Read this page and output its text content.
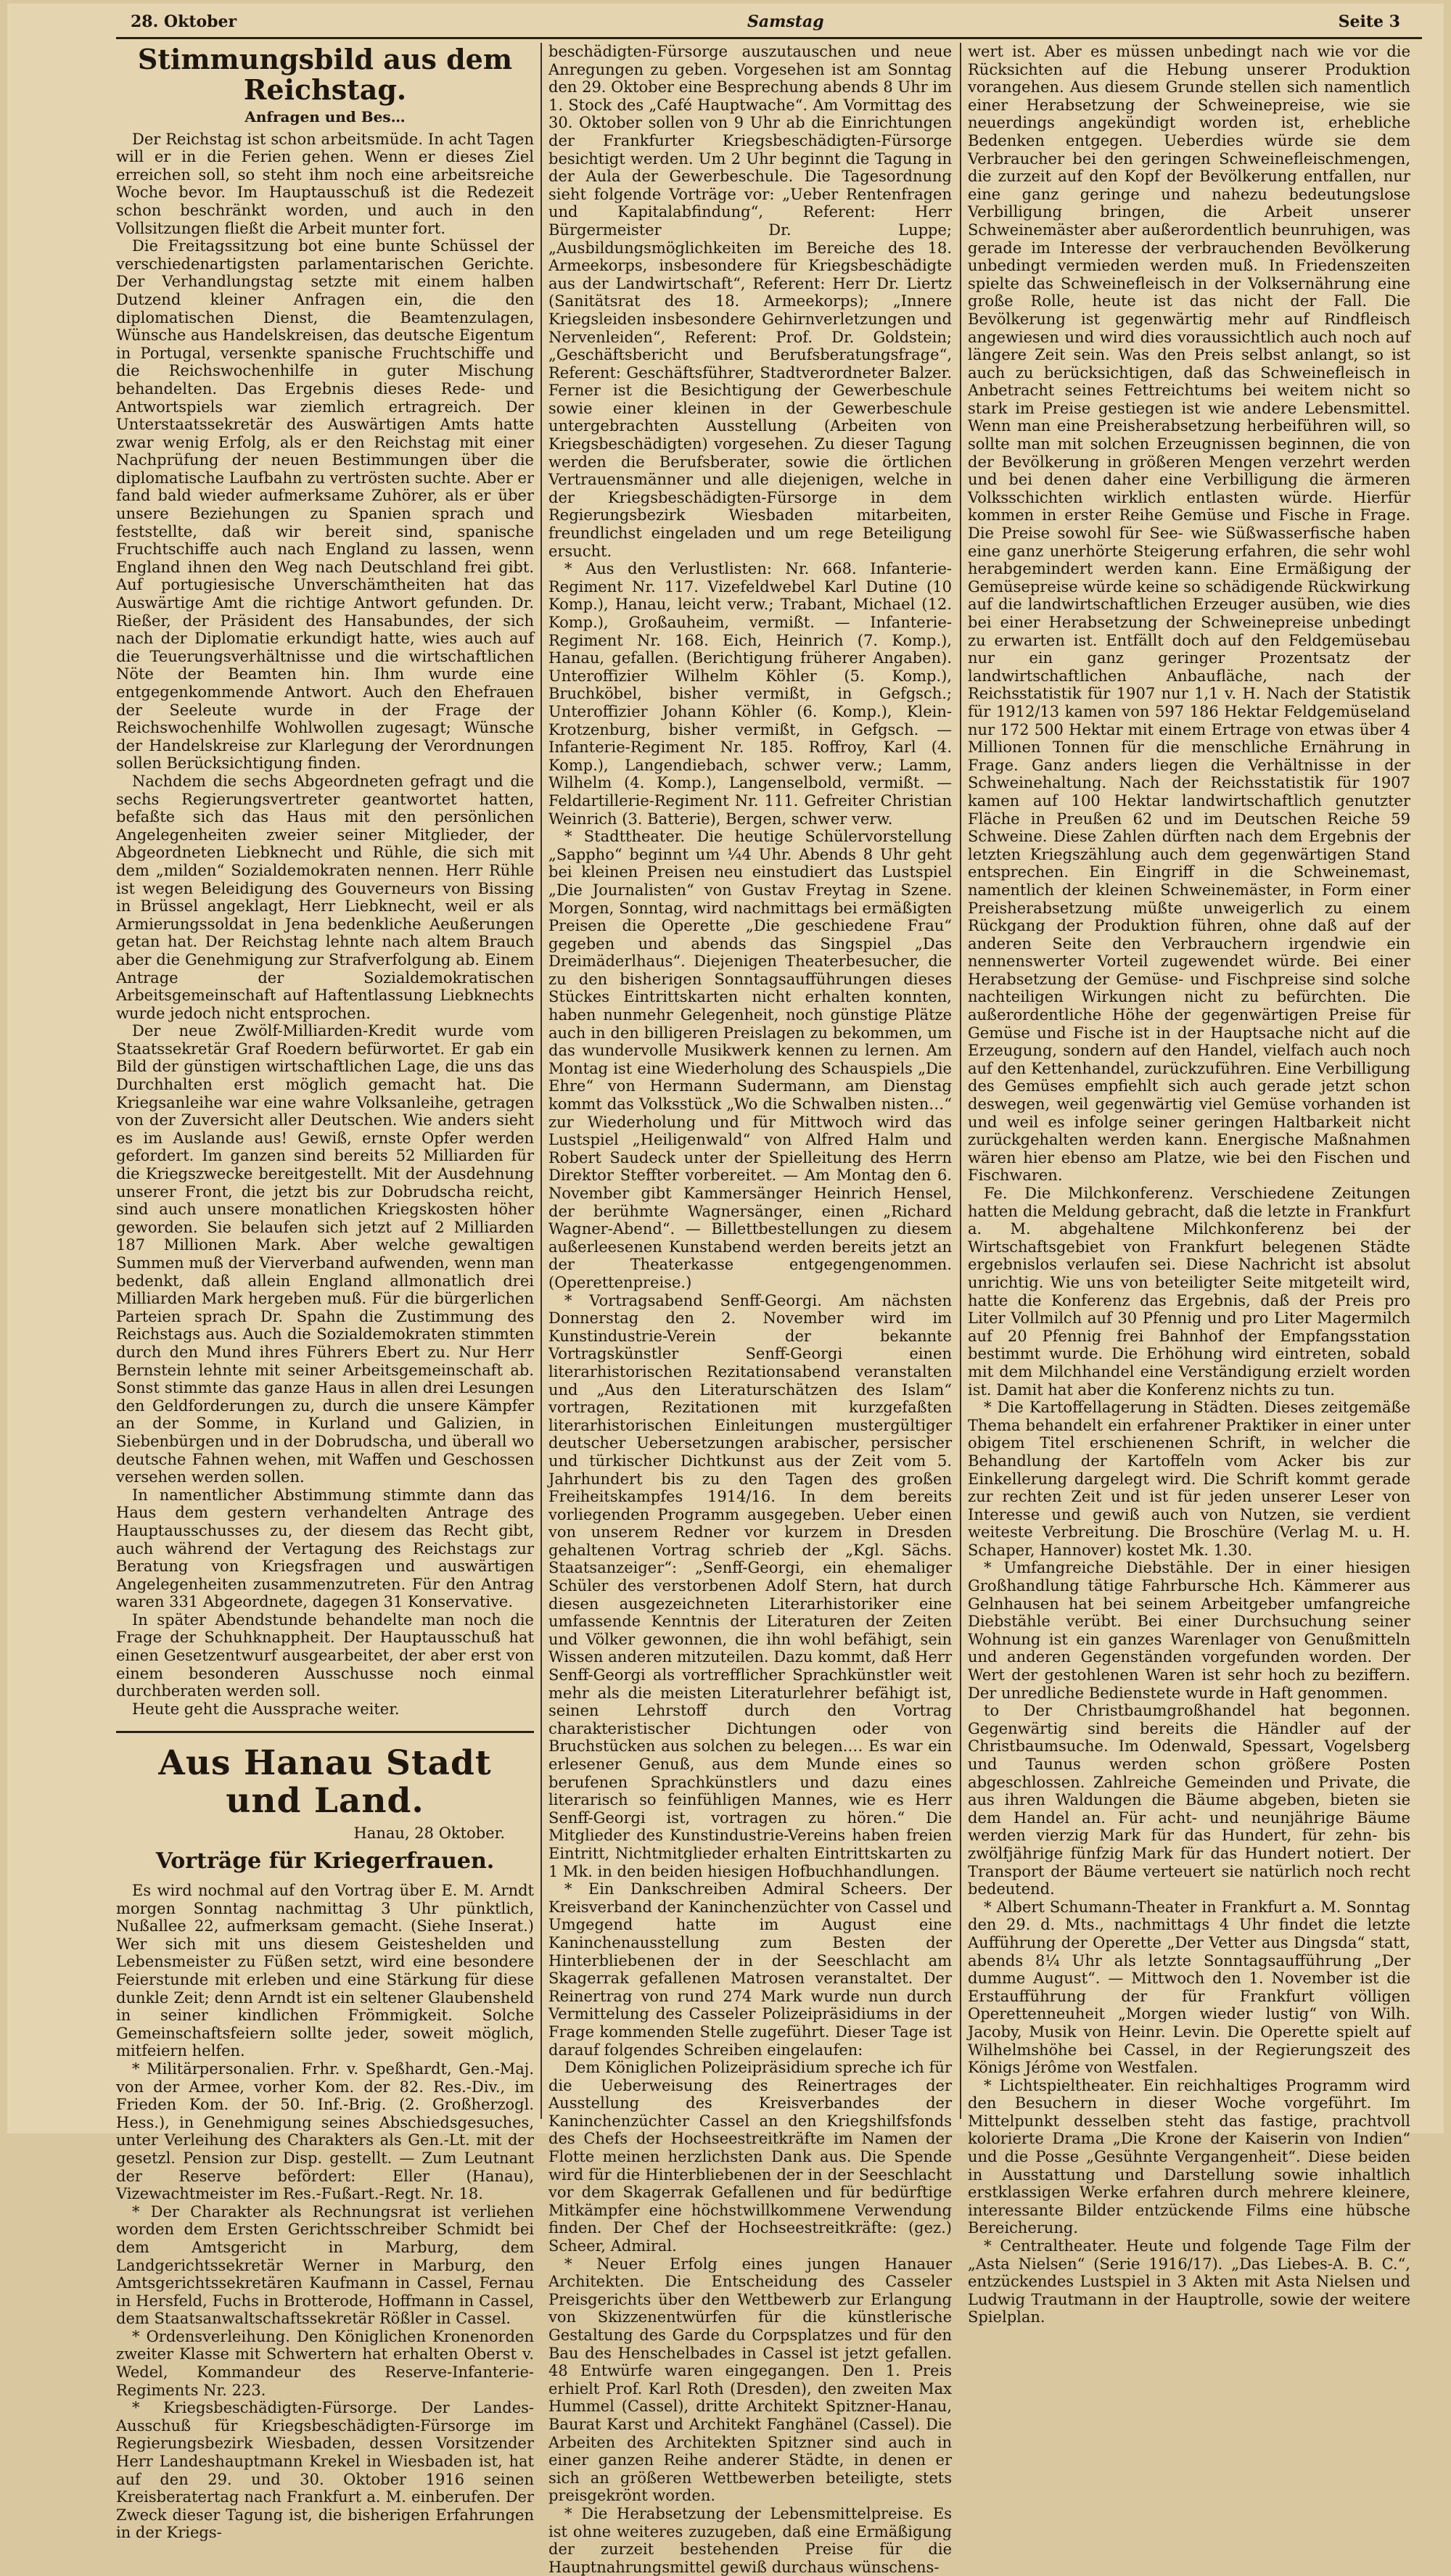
28. Oktober	Samstag	Seite 3
Stimmungsbild aus dem Reichstag.
Anfragen und Bes…

Der Reichstag ist schon arbeitsmüde. In acht Tagen will er in die Ferien gehen. Wenn er dieses Ziel erreichen soll, so steht ihm noch eine arbeitsreiche Woche bevor. Im Hauptausschuß ist die Redezeit schon beschränkt worden, und auch in den Vollsitzungen fließt die Arbeit munter fort.

Die Freitagssitzung bot eine bunte Schüssel der verschiedenartigsten parlamentarischen Gerichte. Der Verhandlungstag setzte mit einem halben Dutzend kleiner Anfragen ein, die den diplomatischen Dienst, die Beamtenzulagen, Wünsche aus Handelskreisen, das deutsche Eigentum in Portugal, versenkte spanische Fruchtschiffe und die Reichswochenhilfe in guter Mischung behandelten. Das Ergebnis dieses Rede- und Antwortspiels war ziemlich ertragreich. Der Unterstaatssekretär des Auswärtigen Amts hatte zwar wenig Erfolg, als er den Reichstag mit einer Nachprüfung der neuen Bestimmungen über die diplomatische Laufbahn zu vertrösten suchte. Aber er fand bald wieder aufmerksame Zuhörer, als er über unsere Beziehungen zu Spanien sprach und feststellte, daß wir bereit sind, spanische Fruchtschiffe auch nach England zu lassen, wenn England ihnen den Weg nach Deutschland frei gibt. Auf portugiesische Unverschämtheiten hat das Auswärtige Amt die richtige Antwort gefunden. Dr. Rießer, der Präsident des Hansabundes, der sich nach der Diplomatie erkundigt hatte, wies auch auf die Teuerungsverhältnisse und die wirtschaftlichen Nöte der Beamten hin. Ihm wurde eine entgegenkommende Antwort. Auch den Ehefrauen der Seeleute wurde in der Frage der Reichswochenhilfe Wohlwollen zugesagt; Wünsche der Handelskreise zur Klarlegung der Verordnungen sollen Berücksichtigung finden.

Nachdem die sechs Abgeordneten gefragt und die sechs Regierungsvertreter geantwortet hatten, befaßte sich das Haus mit den persönlichen Angelegenheiten zweier seiner Mitglieder, der Abgeordneten Liebknecht und Rühle, die sich mit dem „milden“ Sozialdemokraten nennen. Herr Rühle ist wegen Beleidigung des Gouverneurs von Bissing in Brüssel angeklagt, Herr Liebknecht, weil er als Armierungssoldat in Jena bedenkliche Aeußerungen getan hat. Der Reichstag lehnte nach altem Brauch aber die Genehmigung zur Strafverfolgung ab. Einem Antrage der Sozialdemokratischen Arbeitsgemeinschaft auf Haftentlassung Liebknechts wurde jedoch nicht entsprochen.

Der neue Zwölf-Milliarden-Kredit wurde vom Staatssekretär Graf Roedern befürwortet. Er gab ein Bild der günstigen wirtschaftlichen Lage, die uns das Durchhalten erst möglich gemacht hat. Die Kriegsanleihe war eine wahre Volksanleihe, getragen von der Zuversicht aller Deutschen. Wie anders sieht es im Auslande aus! Gewiß, ernste Opfer werden gefordert. Im ganzen sind bereits 52 Milliarden für die Kriegszwecke bereitgestellt. Mit der Ausdehnung unserer Front, die jetzt bis zur Dobrudscha reicht, sind auch unsere monatlichen Kriegskosten höher geworden. Sie belaufen sich jetzt auf 2 Milliarden 187 Millionen Mark. Aber welche gewaltigen Summen muß der Vierverband aufwenden, wenn man bedenkt, daß allein England allmonatlich drei Milliarden Mark hergeben muß. Für die bürgerlichen Parteien sprach Dr. Spahn die Zustimmung des Reichstags aus. Auch die Sozialdemokraten stimmten durch den Mund ihres Führers Ebert zu. Nur Herr Bernstein lehnte mit seiner Arbeitsgemeinschaft ab. Sonst stimmte das ganze Haus in allen drei Lesungen den Geldforderungen zu, durch die unsere Kämpfer an der Somme, in Kurland und Galizien, in Siebenbürgen und in der Dobrudscha, und überall wo deutsche Fahnen wehen, mit Waffen und Geschossen versehen werden sollen.

In namentlicher Abstimmung stimmte dann das Haus dem gestern verhandelten Antrage des Hauptausschusses zu, der diesem das Recht gibt, auch während der Vertagung des Reichstags zur Beratung von Kriegsfragen und auswärtigen Angelegenheiten zusammenzutreten. Für den Antrag waren 331 Abgeordnete, dagegen 31 Konservative.

In später Abendstunde behandelte man noch die Frage der Schuhknappheit. Der Hauptausschuß hat einen Gesetzentwurf ausgearbeitet, der aber erst von einem besonderen Ausschusse noch einmal durchberaten werden soll.

Heute geht die Aussprache weiter.

Aus Hanau Stadt und Land.
Hanau, 28 Oktober.
Vorträge für Kriegerfrauen.

Es wird nochmal auf den Vortrag über E. M. Arndt morgen Sonntag nachmittag 3 Uhr pünktlich, Nußallee 22, aufmerksam gemacht. (Siehe Inserat.) Wer sich mit uns diesem Geisteshelden und Lebensmeister zu Füßen setzt, wird eine besondere Feierstunde mit erleben und eine Stärkung für diese dunkle Zeit; denn Arndt ist ein seltener Glaubensheld in seiner kindlichen Frömmigkeit. Solche Gemeinschaftsfeiern sollte jeder, soweit möglich, mitfeiern helfen.

* Militärpersonalien. Frhr. v. Speßhardt, Gen.-Maj. von der Armee, vorher Kom. der 82. Res.-Div., im Frieden Kom. der 50. Inf.-Brig. (2. Großherzogl. Hess.), in Genehmigung seines Abschiedsgesuches, unter Verleihung des Charakters als Gen.-Lt. mit der gesetzl. Pension zur Disp. gestellt. — Zum Leutnant der Reserve befördert: Eller (Hanau), Vizewachtmeister im Res.-Fußart.-Regt. Nr. 18.

* Der Charakter als Rechnungsrat ist verliehen worden dem Ersten Gerichtsschreiber Schmidt bei dem Amtsgericht in Marburg, dem Landgerichtssekretär Werner in Marburg, den Amtsgerichtssekretären Kaufmann in Cassel, Fernau in Hersfeld, Fuchs in Brotterode, Hoffmann in Cassel, dem Staatsanwaltschaftssekretär Rößler in Cassel.

* Ordensverleihung. Den Königlichen Kronenorden zweiter Klasse mit Schwertern hat erhalten Oberst v. Wedel, Kommandeur des Reserve-Infanterie-Regiments Nr. 223.

* Kriegsbeschädigten-Fürsorge. Der Landes-Ausschuß für Kriegsbeschädigten-Fürsorge im Regierungsbezirk Wiesbaden, dessen Vorsitzender Herr Landeshauptmann Krekel in Wiesbaden ist, hat auf den 29. und 30. Oktober 1916 seinen Kreisberatertag nach Frankfurt a. M. einberufen. Der Zweck dieser Tagung ist, die bisherigen Erfahrungen in der Kriegs-

beschädigten-Fürsorge auszutauschen und neue Anregungen zu geben. Vorgesehen ist am Sonntag den 29. Oktober eine Besprechung abends 8 Uhr im 1. Stock des „Café Hauptwache“. Am Vormittag des 30. Oktober sollen von 9 Uhr ab die Einrichtungen der Frankfurter Kriegsbeschädigten-Fürsorge besichtigt werden. Um 2 Uhr beginnt die Tagung in der Aula der Gewerbeschule. Die Tagesordnung sieht folgende Vorträge vor: „Ueber Rentenfragen und Kapitalabfindung“, Referent: Herr Bürgermeister Dr. Luppe; „Ausbildungsmöglichkeiten im Bereiche des 18. Armeekorps, insbesondere für Kriegsbeschädigte aus der Landwirtschaft“, Referent: Herr Dr. Liertz (Sanitätsrat des 18. Armeekorps); „Innere Kriegsleiden insbesondere Gehirnverletzungen und Nervenleiden“, Referent: Prof. Dr. Goldstein; „Geschäftsbericht und Berufsberatungsfrage“, Referent: Geschäftsführer, Stadtverordneter Balzer. Ferner ist die Besichtigung der Gewerbeschule sowie einer kleinen in der Gewerbeschule untergebrachten Ausstellung (Arbeiten von Kriegsbeschädigten) vorgesehen. Zu dieser Tagung werden die Berufsberater, sowie die örtlichen Vertrauensmänner und alle diejenigen, welche in der Kriegsbeschädigten-Fürsorge in dem Regierungsbezirk Wiesbaden mitarbeiten, freundlichst eingeladen und um rege Beteiligung ersucht.

* Aus den Verlustlisten: Nr. 668. Infanterie-Regiment Nr. 117. Vizefeldwebel Karl Dutine (10 Komp.), Hanau, leicht verw.; Trabant, Michael (12. Komp.), Großauheim, vermißt. — Infanterie-Regiment Nr. 168. Eich, Heinrich (7. Komp.), Hanau, gefallen. (Berichtigung früherer Angaben). Unteroffizier Wilhelm Köhler (5. Komp.), Bruchköbel, bisher vermißt, in Gefgsch.; Unteroffizier Johann Köhler (6. Komp.), Klein-Krotzenburg, bisher vermißt, in Gefgsch. — Infanterie-Regiment Nr. 185. Roffroy, Karl (4. Komp.), Langendiebach, schwer verw.; Lamm, Wilhelm (4. Komp.), Langenselbold, vermißt. — Feldartillerie-Regiment Nr. 111. Gefreiter Christian Weinrich (3. Batterie), Bergen, schwer verw.

* Stadttheater. Die heutige Schülervorstellung „Sappho“ beginnt um ¼4 Uhr. Abends 8 Uhr geht bei kleinen Preisen neu einstudiert das Lustspiel „Die Journalisten“ von Gustav Freytag in Szene. Morgen, Sonntag, wird nachmittags bei ermäßigten Preisen die Operette „Die geschiedene Frau“ gegeben und abends das Singspiel „Das Dreimäderlhaus“. Diejenigen Theaterbesucher, die zu den bisherigen Sonntagsaufführungen dieses Stückes Eintrittskarten nicht erhalten konnten, haben nunmehr Gelegenheit, noch günstige Plätze auch in den billigeren Preislagen zu bekommen, um das wundervolle Musikwerk kennen zu lernen. Am Montag ist eine Wiederholung des Schauspiels „Die Ehre“ von Hermann Sudermann, am Dienstag kommt das Volksstück „Wo die Schwalben nisten…“ zur Wiederholung und für Mittwoch wird das Lustspiel „Heiligenwald“ von Alfred Halm und Robert Saudeck unter der Spielleitung des Herrn Direktor Steffter vorbereitet. — Am Montag den 6. November gibt Kammersänger Heinrich Hensel, der berühmte Wagnersänger, einen „Richard Wagner-Abend“. — Billettbestellungen zu diesem außerleesenen Kunstabend werden bereits jetzt an der Theaterkasse entgegengenommen. (Operettenpreise.)

* Vortragsabend Senff-Georgi. Am nächsten Donnerstag den 2. November wird im Kunstindustrie-Verein der bekannte Vortragskünstler Senff-Georgi einen literarhistorischen Rezitationsabend veranstalten und „Aus den Literaturschätzen des Islam“ vortragen, Rezitationen mit kurzgefaßten literarhistorischen Einleitungen mustergültiger deutscher Uebersetzungen arabischer, persischer und türkischer Dichtkunst aus der Zeit vom 5. Jahrhundert bis zu den Tagen des großen Freiheitskampfes 1914/16. In dem bereits vorliegenden Programm ausgegeben. Ueber einen von unserem Redner vor kurzem in Dresden gehaltenen Vortrag schrieb der „Kgl. Sächs. Staatsanzeiger“: „Senff-Georgi, ein ehemaliger Schüler des verstorbenen Adolf Stern, hat durch diesen ausgezeichneten Literarhistoriker eine umfassende Kenntnis der Literaturen der Zeiten und Völker gewonnen, die ihn wohl befähigt, sein Wissen anderen mitzuteilen. Dazu kommt, daß Herr Senff-Georgi als vortrefflicher Sprachkünstler weit mehr als die meisten Literaturlehrer befähigt ist, seinen Lehrstoff durch den Vortrag charakteristischer Dichtungen oder von Bruchstücken aus solchen zu belegen.… Es war ein erlesener Genuß, aus dem Munde eines so berufenen Sprachkünstlers und dazu eines literarisch so feinfühligen Mannes, wie es Herr Senff-Georgi ist, vortragen zu hören.“ Die Mitglieder des Kunstindustrie-Vereins haben freien Eintritt, Nichtmitglieder erhalten Eintrittskarten zu 1 Mk. in den beiden hiesigen Hofbuchhandlungen.

* Ein Dankschreiben Admiral Scheers. Der Kreisverband der Kaninchenzüchter von Cassel und Umgegend hatte im August eine Kaninchenausstellung zum Besten der Hinterbliebenen der in der Seeschlacht am Skagerrak gefallenen Matrosen veranstaltet. Der Reinertrag von rund 274 Mark wurde nun durch Vermittelung des Casseler Polizeipräsidiums in der Frage kommenden Stelle zugeführt. Dieser Tage ist darauf folgendes Schreiben eingelaufen:

Dem Königlichen Polizeipräsidium spreche ich für die Ueberweisung des Reinertrages der Ausstellung des Kreisverbandes der Kaninchenzüchter Cassel an den Kriegshilfsfonds des Chefs der Hochseestreitkräfte im Namen der Flotte meinen herzlichsten Dank aus. Die Spende wird für die Hinterbliebenen der in der Seeschlacht vor dem Skagerrak Gefallenen und für bedürftige Mitkämpfer eine höchstwillkommene Verwendung finden. Der Chef der Hochseestreitkräfte: (gez.) Scheer, Admiral.

* Neuer Erfolg eines jungen Hanauer Architekten. Die Entscheidung des Casseler Preisgerichts über den Wettbewerb zur Erlangung von Skizzenentwürfen für die künstlerische Gestaltung des Garde du Corpsplatzes und für den Bau des Henschelbades in Cassel ist jetzt gefallen. 48 Entwürfe waren eingegangen. Den 1. Preis erhielt Prof. Karl Roth (Dresden), den zweiten Max Hummel (Cassel), dritte Architekt Spitzner-Hanau, Baurat Karst und Architekt Fanghänel (Cassel). Die Arbeiten des Architekten Spitzner sind auch in einer ganzen Reihe anderer Städte, in denen er sich an größeren Wettbewerben beteiligte, stets preisgekrönt worden.

* Die Herabsetzung der Lebensmittelpreise. Es ist ohne weiteres zuzugeben, daß eine Ermäßigung der zurzeit bestehenden Preise für die Hauptnahrungsmittel gewiß durchaus wünschens-

wert ist. Aber es müssen unbedingt nach wie vor die Rücksichten auf die Hebung unserer Produktion vorangehen. Aus diesem Grunde stellen sich namentlich einer Herabsetzung der Schweinepreise, wie sie neuerdings angekündigt worden ist, erhebliche Bedenken entgegen. Ueberdies würde sie dem Verbraucher bei den geringen Schweinefleischmengen, die zurzeit auf den Kopf der Bevölkerung entfallen, nur eine ganz geringe und nahezu bedeutungslose Verbilligung bringen, die Arbeit unserer Schweinemäster aber außerordentlich beunruhigen, was gerade im Interesse der verbrauchenden Bevölkerung unbedingt vermieden werden muß. In Friedenszeiten spielte das Schweinefleisch in der Volksernährung eine große Rolle, heute ist das nicht der Fall. Die Bevölkerung ist gegenwärtig mehr auf Rindfleisch angewiesen und wird dies voraussichtlich auch noch auf längere Zeit sein. Was den Preis selbst anlangt, so ist auch zu berücksichtigen, daß das Schweinefleisch in Anbetracht seines Fettreichtums bei weitem nicht so stark im Preise gestiegen ist wie andere Lebensmittel. Wenn man eine Preisherabsetzung herbeiführen will, so sollte man mit solchen Erzeugnissen beginnen, die von der Bevölkerung in größeren Mengen verzehrt werden und bei denen daher eine Verbilligung die ärmeren Volksschichten wirklich entlasten würde. Hierfür kommen in erster Reihe Gemüse und Fische in Frage. Die Preise sowohl für See- wie Süßwasserfische haben eine ganz unerhörte Steigerung erfahren, die sehr wohl herabgemindert werden kann. Eine Ermäßigung der Gemüsepreise würde keine so schädigende Rückwirkung auf die landwirtschaftlichen Erzeuger ausüben, wie dies bei einer Herabsetzung der Schweinepreise unbedingt zu erwarten ist. Entfällt doch auf den Feldgemüsebau nur ein ganz geringer Prozentsatz der landwirtschaftlichen Anbaufläche, nach der Reichsstatistik für 1907 nur 1,1 v. H. Nach der Statistik für 1912/13 kamen von 597 186 Hektar Feldgemüseland nur 172 500 Hektar mit einem Ertrage von etwas über 4 Millionen Tonnen für die menschliche Ernährung in Frage. Ganz anders liegen die Verhältnisse in der Schweinehaltung. Nach der Reichsstatistik für 1907 kamen auf 100 Hektar landwirtschaftlich genutzter Fläche in Preußen 62 und im Deutschen Reiche 59 Schweine. Diese Zahlen dürften nach dem Ergebnis der letzten Kriegszählung auch dem gegenwärtigen Stand entsprechen. Ein Eingriff in die Schweinemast, namentlich der kleinen Schweinemäster, in Form einer Preisherabsetzung müßte unweigerlich zu einem Rückgang der Produktion führen, ohne daß auf der anderen Seite den Verbrauchern irgendwie ein nennenswerter Vorteil zugewendet würde. Bei einer Herabsetzung der Gemüse- und Fischpreise sind solche nachteiligen Wirkungen nicht zu befürchten. Die außerordentliche Höhe der gegenwärtigen Preise für Gemüse und Fische ist in der Hauptsache nicht auf die Erzeugung, sondern auf den Handel, vielfach auch noch auf den Kettenhandel, zurückzuführen. Eine Verbilligung des Gemüses empfiehlt sich auch gerade jetzt schon deswegen, weil gegenwärtig viel Gemüse vorhanden ist und weil es infolge seiner geringen Haltbarkeit nicht zurückgehalten werden kann. Energische Maßnahmen wären hier ebenso am Platze, wie bei den Fischen und Fischwaren.

Fe. Die Milchkonferenz. Verschiedene Zeitungen hatten die Meldung gebracht, daß die letzte in Frankfurt a. M. abgehaltene Milchkonferenz bei der Wirtschaftsgebiet von Frankfurt belegenen Städte ergebnislos verlaufen sei. Diese Nachricht ist absolut unrichtig. Wie uns von beteiligter Seite mitgeteilt wird, hatte die Konferenz das Ergebnis, daß der Preis pro Liter Vollmilch auf 30 Pfennig und pro Liter Magermilch auf 20 Pfennig frei Bahnhof der Empfangsstation bestimmt wurde. Die Erhöhung wird eintreten, sobald mit dem Milchhandel eine Verständigung erzielt worden ist. Damit hat aber die Konferenz nichts zu tun.

* Die Kartoffellagerung in Städten. Dieses zeitgemäße Thema behandelt ein erfahrener Praktiker in einer unter obigem Titel erschienenen Schrift, in welcher die Behandlung der Kartoffeln vom Acker bis zur Einkellerung dargelegt wird. Die Schrift kommt gerade zur rechten Zeit und ist für jeden unserer Leser von Interesse und gewiß auch von Nutzen, sie verdient weiteste Verbreitung. Die Broschüre (Verlag M. u. H. Schaper, Hannover) kostet Mk. 1.30.

* Umfangreiche Diebstähle. Der in einer hiesigen Großhandlung tätige Fahrbursche Hch. Kämmerer aus Gelnhausen hat bei seinem Arbeitgeber umfangreiche Diebstähle verübt. Bei einer Durchsuchung seiner Wohnung ist ein ganzes Warenlager von Genußmitteln und anderen Gegenständen vorgefunden worden. Der Wert der gestohlenen Waren ist sehr hoch zu beziffern. Der unredliche Bedienstete wurde in Haft genommen.

to Der Christbaumgroßhandel hat begonnen. Gegenwärtig sind bereits die Händler auf der Christbaumsuche. Im Odenwald, Spessart, Vogelsberg und Taunus werden schon größere Posten abgeschlossen. Zahlreiche Gemeinden und Private, die aus ihren Waldungen die Bäume abgeben, bieten sie dem Handel an. Für acht- und neunjährige Bäume werden vierzig Mark für das Hundert, für zehn- bis zwölfjährige fünfzig Mark für das Hundert notiert. Der Transport der Bäume verteuert sie natürlich noch recht bedeutend.

* Albert Schumann-Theater in Frankfurt a. M. Sonntag den 29. d. Mts., nachmittags 4 Uhr findet die letzte Aufführung der Operette „Der Vetter aus Dingsda“ statt, abends 8¼ Uhr als letzte Sonntagsaufführung „Der dumme August“. — Mittwoch den 1. November ist die Erstaufführung der für Frankfurt völligen Operettenneuheit „Morgen wieder lustig“ von Wilh. Jacoby, Musik von Heinr. Levin. Die Operette spielt auf Wilhelmshöhe bei Cassel, in der Regierungszeit des Königs Jérôme von Westfalen.

* Lichtspieltheater. Ein reichhaltiges Programm wird den Besuchern in dieser Woche vorgeführt. Im Mittelpunkt desselben steht das fastige, prachtvoll kolorierte Drama „Die Krone der Kaiserin von Indien“ und die Posse „Gesühnte Vergangenheit“. Diese beiden in Ausstattung und Darstellung sowie inhaltlich erstklassigen Werke erfahren durch mehrere kleinere, interessante Bilder entzückende Films eine hübsche Bereicherung.

* Centraltheater. Heute und folgende Tage Film der „Asta Nielsen“ (Serie 1916/17). „Das Liebes-A. B. C.“, entzückendes Lustspiel in 3 Akten mit Asta Nielsen und Ludwig Trautmann in der Hauptrolle, sowie der weitere Spielplan.
